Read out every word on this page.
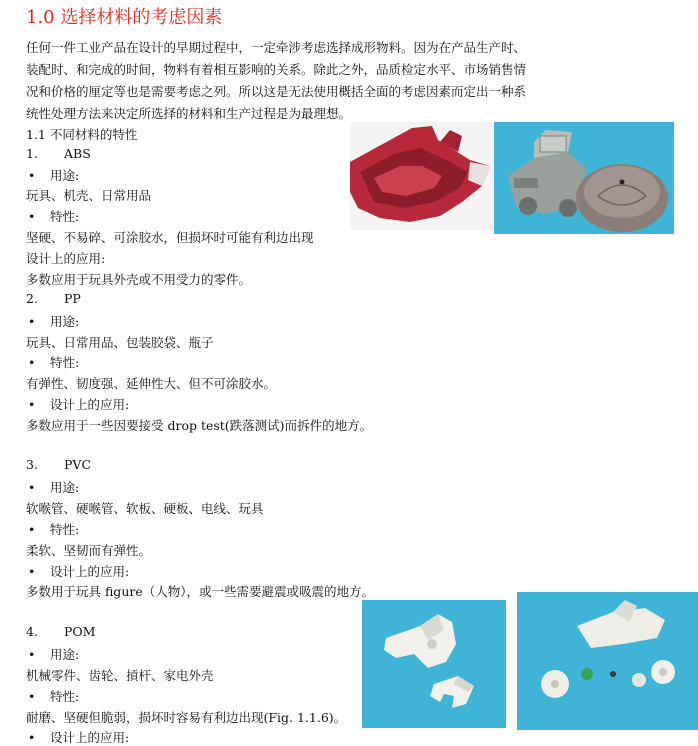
1.0 选择材料的考虑因素
任何一件工业产品在设计的早期过程中，一定牵涉考虑选择成形物料。因为在产品生产时、
装配时、和完成的时间，物料有着相互影响的关系。除此之外，品质检定水平、市场销售情
况和价格的厘定等也是需要考虑之列。所以这是无法使用概括全面的考虑因素而定出一种系
统性处理方法来决定所选择的材料和生产过程是为最理想。
1.1 不同材料的特性
1. ABS
• 用途:
玩具、机壳、日常用品
• 特性:
坚硬、不易碎、可涂胶水，但损坏时可能有利边出现
设计上的应用:
多数应用于玩具外壳或不用受力的零件。
2. PP
• 用途:
玩具、日常用品、包装胶袋、瓶子
• 特性:
有弹性、韧度强、延伸性大、但不可涂胶水。
• 设计上的应用:
多数应用于一些因要接受 drop test(跌落测试)而拆件的地方。
3. PVC
• 用途:
软喉管、硬喉管、软板、硬板、电线、玩具
• 特性:
柔软、坚韧而有弹性。
• 设计上的应用:
多数用于玩具 figure（人物），或一些需要避震或吸震的地方。
4. POM
• 用途:
机械零件、齿轮、摃杆、家电外壳
• 特性:
耐磨、坚硬但脆弱，损坏时容易有利边出现(Fig. 1.1.6)。
• 设计上的应用:
